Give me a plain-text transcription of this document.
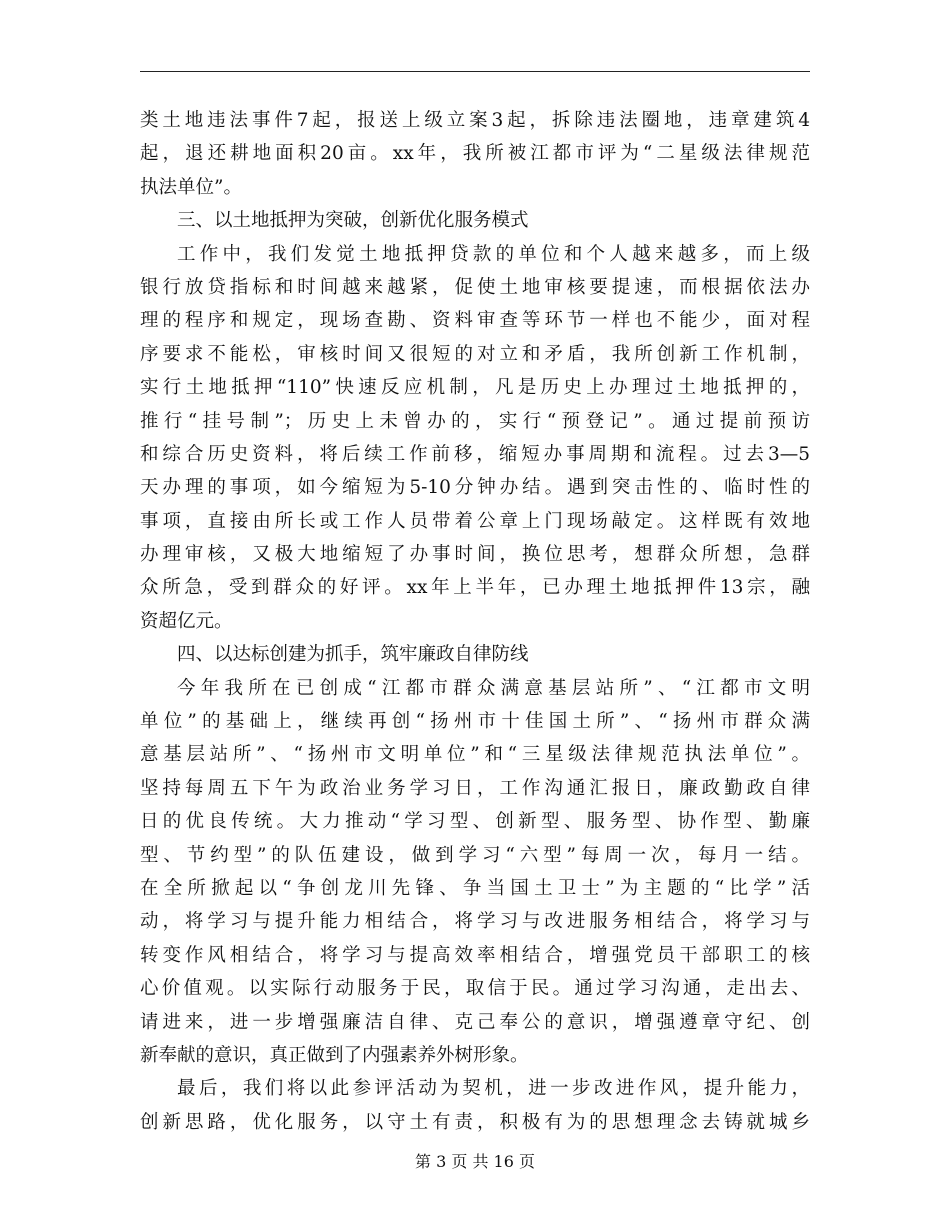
类土地违法事件7起，报送上级立案3起，拆除违法圈地，违章建筑4
起，退还耕地面积20亩。xx年，我所被江都市评为“二星级法律规范
执法单位”。
三、以土地抵押为突破，创新优化服务模式
工作中，我们发觉土地抵押贷款的单位和个人越来越多，而上级
银行放贷指标和时间越来越紧，促使土地审核要提速，而根据依法办
理的程序和规定，现场查勘、资料审查等环节一样也不能少，面对程
序要求不能松，审核时间又很短的对立和矛盾，我所创新工作机制，
实行土地抵押“110”快速反应机制，凡是历史上办理过土地抵押的，
推行“挂号制”；历史上未曾办的，实行“预登记”。通过提前预访
和综合历史资料，将后续工作前移，缩短办事周期和流程。过去3—5
天办理的事项，如今缩短为5-10分钟办结。遇到突击性的、临时性的
事项，直接由所长或工作人员带着公章上门现场敲定。这样既有效地
办理审核，又极大地缩短了办事时间，换位思考，想群众所想，急群
众所急，受到群众的好评。xx年上半年，已办理土地抵押件13宗，融
资超亿元。
四、以达标创建为抓手，筑牢廉政自律防线
今年我所在已创成“江都市群众满意基层站所”、“江都市文明
单位”的基础上，继续再创“扬州市十佳国土所”、“扬州市群众满
意基层站所”、“扬州市文明单位”和“三星级法律规范执法单位”。
坚持每周五下午为政治业务学习日，工作沟通汇报日，廉政勤政自律
日的优良传统。大力推动“学习型、创新型、服务型、协作型、勤廉
型、节约型”的队伍建设，做到学习“六型”每周一次，每月一结。
在全所掀起以“争创龙川先锋、争当国土卫士”为主题的“比学”活
动，将学习与提升能力相结合，将学习与改进服务相结合，将学习与
转变作风相结合，将学习与提高效率相结合，增强党员干部职工的核
心价值观。以实际行动服务于民，取信于民。通过学习沟通，走出去、
请进来，进一步增强廉洁自律、克己奉公的意识，增强遵章守纪、创
新奉献的意识，真正做到了内强素养外树形象。
最后，我们将以此参评活动为契机，进一步改进作风，提升能力，
创新思路，优化服务，以守土有责，积极有为的思想理念去铸就城乡
第 3 页 共 16 页
